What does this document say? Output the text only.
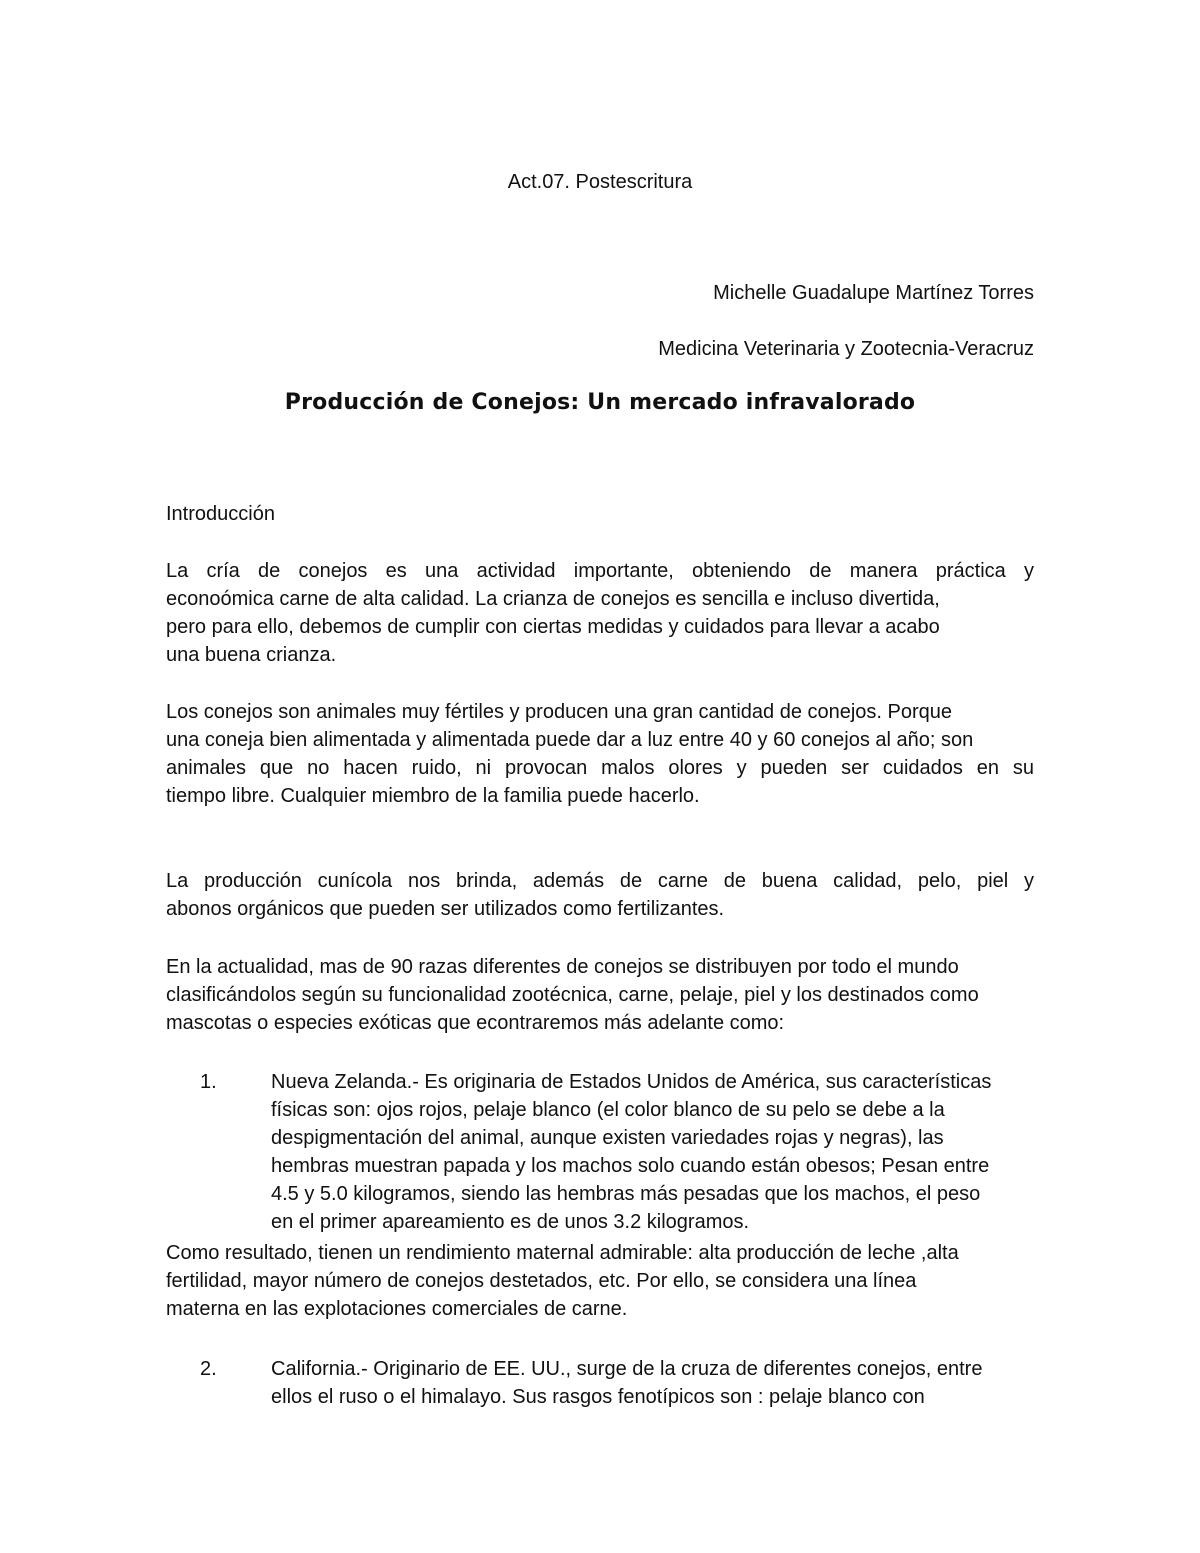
Act.07. Postescritura
Michelle Guadalupe Martínez Torres
Medicina Veterinaria y Zootecnia-Veracruz
Producción de Conejos: Un mercado infravalorado
Introducción
La cría de conejos es una actividad importante, obteniendo de manera práctica y
econoómica carne de alta calidad. La crianza de conejos es sencilla e incluso divertida,
pero para ello, debemos de cumplir con ciertas medidas y cuidados para llevar a acabo
una buena crianza.
Los conejos son animales muy fértiles y producen una gran cantidad de conejos. Porque
una coneja bien alimentada y alimentada puede dar a luz entre 40 y 60 conejos al año; son
animales que no hacen ruido, ni provocan malos olores y pueden ser cuidados en su
tiempo libre. Cualquier miembro de la familia puede hacerlo.
La producción cunícola nos brinda, además de carne de buena calidad, pelo, piel y
abonos orgánicos que pueden ser utilizados como fertilizantes.
En la actualidad, mas de 90 razas diferentes de conejos se distribuyen por todo el mundo
clasificándolos según su funcionalidad zootécnica, carne, pelaje, piel y los destinados como
mascotas o especies exóticas que econtraremos más adelante como:
1.	Nueva Zelanda.- Es originaria de Estados Unidos de América, sus características
físicas son: ojos rojos, pelaje blanco (el color blanco de su pelo se debe a la
despigmentación del animal, aunque existen variedades rojas y negras), las
hembras muestran papada y los machos solo cuando están obesos; Pesan entre
4.5 y 5.0 kilogramos, siendo las hembras más pesadas que los machos, el peso
en el primer apareamiento es de unos 3.2 kilogramos.
Como resultado, tienen un rendimiento maternal admirable: alta producción de leche ,alta
fertilidad, mayor número de conejos destetados, etc. Por ello, se considera una línea
materna en las explotaciones comerciales de carne.
2.	California.- Originario de EE. UU., surge de la cruza de diferentes conejos, entre
ellos el ruso o el himalayo. Sus rasgos fenotípicos son : pelaje blanco con
